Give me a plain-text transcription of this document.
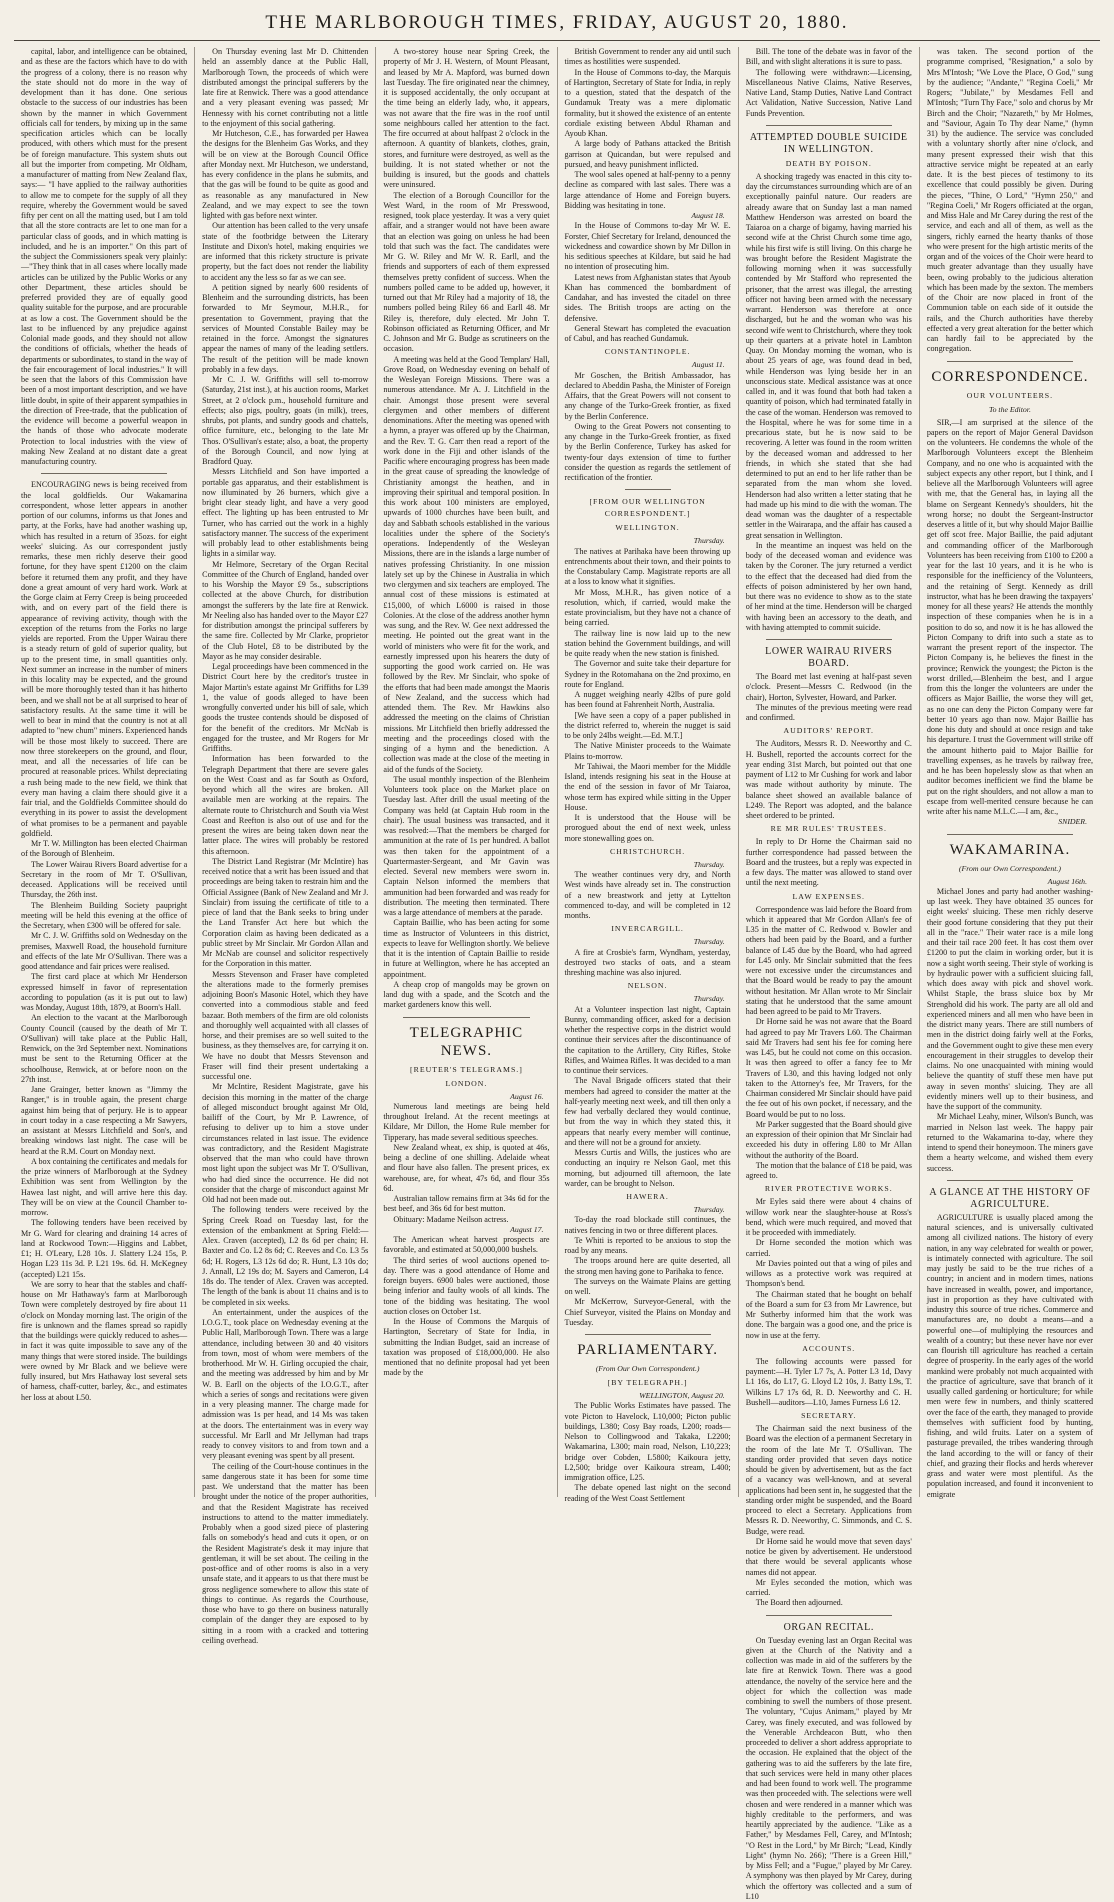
THE MARLBOROUGH TIMES, FRIDAY, AUGUST 20, 1880.

capital, labor, and intelligence can be obtained, and as these are the factors which have to do with the progress of a colony, there is no reason why the state should not do more in the way of development than it has done. One serious obstacle to the success of our industries has been shown by the manner in which Government officials call for tenders, by mixing up in the same specification articles which can be locally produced, with others which must for the present be of foreign manufacture. This system shuts out all but the importer from competing. Mr Oldham, a manufacturer of matting from New Zealand flax, says:— "I have applied to the railway authorities to allow me to compete for the supply of all they require, whereby the Government would be saved fifty per cent on all the matting used, but I am told that all the store contracts are let to one man for a particular class of goods, and in which matting is included, and he is an importer." On this part of the subject the Commissioners speak very plainly:—"They think that in all cases where locally made articles can be utilized by the Public Works or any other Department, these articles should be preferred provided they are of equally good quality suitable for the purpose, and are procurable at as low a cost. The Government should be the last to be influenced by any prejudice against Colonial made goods, and they should not allow the conditions of officials, whether the heads of departments or subordinates, to stand in the way of the fair encouragement of local industries." It will be seen that the labors of this Commission have been of a most important description, and we have little doubt, in spite of their apparent sympathies in the direction of Free-trade, that the publication of the evidence will become a powerful weapon in the hands of those who advocate moderate Protection to local industries with the view of making New Zealand at no distant date a great manufacturing country.

ENCOURAGING news is being received from the local goldfields. Our Wakamarina correspondent, whose letter appears in another portion of our columns, informs us that Jones and party, at the Forks, have had another washing up, which has resulted in a return of 35ozs. for eight weeks' sluicing. As our correspondent justly remarks, these men richly deserve their good fortune, for they have spent £1200 on the claim before it returned them any profit, and they have done a great amount of very hard work. Work at the Gorge claim at Ferry Creep is being proceeded with, and on every part of the field there is appearance of reviving activity, though with the exception of the returns from the Forks no large yields are reported. From the Upper Wairau there is a steady return of gold of superior quality, but up to the present time, in small quantities only. Next summer an increase in the number of miners in this locality may be expected, and the ground will be more thoroughly tested than it has hitherto been, and we shall not be at all surprised to hear of satisfactory results. At the same time it will be well to bear in mind that the country is not at all adapted to "new chum" miners. Experienced hands will be those most likely to succeed. There are now three storekeepers on the ground, and flour, meat, and all the necessaries of life can be procured at reasonable prices. Whilst depreciating a rush being made to the new field, we think that every man having a claim there should give it a fair trial, and the Goldfields Committee should do everything in its power to assist the development of what promises to be a permanent and payable goldfield.

Mr T. W. Millington has been elected Chairman of the Borough of Blenheim.

The Lower Wairau Rivers Board advertise for a Secretary in the room of Mr T. O'Sullivan, deceased. Applications will be received until Thursday, the 26th inst.

The Blenheim Building Society paupright meeting will be held this evening at the office of the Secretary, when £300 will be offered for sale.

Mr C. J. W. Griffiths sold on Wednesday on the premises, Maxwell Road, the household furniture and effects of the late Mr O'Sullivan. There was a good attendance and fair prices were realised.

The first card place at which Mr Henderson expressed himself in favor of representation according to population (as it is put out to law) was Monday, August 18th, 1879, at Boorn's Hall.

An election to the vacant at the Marlborough County Council (caused by the death of Mr T. O'Sullivan) will take place at the Public Hall, Renwick, on the 3rd September next. Nominations must be sent to the Returning Officer at the schoolhouse, Renwick, at or before noon on the 27th inst.

Jane Grainger, better known as "Jimmy the Ranger," is in trouble again, the present charge against him being that of perjury. He is to appear in court today in a case respecting a Mr Sawyers, an assistant at Messrs Litchfield and Son's, and breaking windows last night. The case will be heard at the R.M. Court on Monday next.

A box containing the certificates and medals for the prize winners of Marlborough at the Sydney Exhibition was sent from Wellington by the Hawea last night, and will arrive here this day. They will be on view at the Council Chamber to-morrow.

The following tenders have been received by Mr G. Ward for clearing and draining 14 acres of land at Rockwood Town:—Higgins and Labbet, £1; H. O'Leary, L28 10s. J. Slattery L24 15s, P. Hogan L23 11s 3d. P. L21 19s. 6d. H. McKegney (accepted) L21 15s.

We are sorry to hear that the stables and chaff-house on Mr Hathaway's farm at Marlborough Town were completely destroyed by fire about 11 o'clock on Monday morning last. The origin of the fire is unknown and the flames spread so rapidly that the buildings were quickly reduced to ashes—in fact it was quite impossible to save any of the many things that were stored inside. The buildings were owned by Mr Black and we believe were fully insured, but Mrs Hathaway lost several sets of harness, chaff-cutter, barley, &c., and estimates her loss at about L50.

On Thursday evening last Mr D. Chittenden held an assembly dance at the Public Hall, Marlborough Town, the proceeds of which were distributed amongst the principal sufferers by the late fire at Renwick. There was a good attendance and a very pleasant evening was passed; Mr Hennessy with his cornet contributing not a little to the enjoyment of this social gathering.

Mr Hutcheson, C.E., has forwarded per Hawea the designs for the Blenheim Gas Works, and they will be on view at the Borough Council Office after Monday next. Mr Hutcheson, we understand, has every confidence in the plans he submits, and that the gas will be found to be quite as good and as reasonable as any manufactured in New Zealand, and we may expect to see the town lighted with gas before next winter.

Our attention has been called to the very unsafe state of the footbridge between the Literary Institute and Dixon's hotel, making enquiries we are informed that this rickety structure is private property, but the fact does not render the liability to accident any the less so far as we can see.

A petition signed by nearly 600 residents of Blenheim and the surrounding districts, has been forwarded to Mr Seymour, M.H.R., for presentation to Government, praying that the services of Mounted Constable Bailey may be retained in the force. Amongst the signatures appear the names of many of the leading settlers. The result of the petition will be made known probably in a few days.

Mr C. J. W. Griffiths will sell to-morrow (Saturday, 21st inst.), at his auction rooms, Market Street, at 2 o'clock p.m., household furniture and effects; also pigs, poultry, goats (in milk), trees, shrubs, pot plants, and sundry goods and chattels, office furniture, etc., belonging to the late Mr Thos. O'Sullivan's estate; also, a boat, the property of the Borough Council, and now lying at Bradford Quay.

Messrs Litchfield and Son have imported a portable gas apparatus, and their establishment is now illuminated by 26 burners, which give a bright clear steady light, and have a very good effect. The lighting up has been entrusted to Mr Turner, who has carried out the work in a highly satisfactory manner. The success of the experiment will probably lead to other establishments being lights in a similar way.

Mr Helmore, Secretary of the Organ Recital Committee of the Church of England, handed over to his Worship the Mayor £9 5s., subscriptions collected at the above Church, for distribution amongst the sufferers by the late fire at Renwick. Mr Neeling also has handed over to the Mayor £27 for distribution amongst the principal sufferers by the same fire. Collected by Mr Clarke, proprietor of the Club Hotel, £8 to be distributed by the Mayor as he may consider desirable.

Legal proceedings have been commenced in the District Court here by the creditor's trustee in Major Martin's estate against Mr Griffiths for L39 1, the value of goods alleged to have been wrongfully converted under his bill of sale, which goods the trustee contends should be disposed of for the benefit of the creditors. Mr McNab is engaged for the trustee, and Mr Rogers for Mr Griffiths.

Information has been forwarded to the Telegraph Department that there are severe gales on the West Coast and as far South as Oxford, beyond which all the wires are broken. All available men are working at the repairs. The alternate route to Christchurch and South via West Coast and Reefton is also out of use and for the present the wires are being taken down near the latter place. The wires will probably be restored this afternoon.

The District Land Registrar (Mr McIntire) has received notice that a writ has been issued and that proceedings are being taken to restrain him and the Official Assignee (Bank of New Zealand and Mr J. Sinclair) from issuing the certificate of title to a piece of land that the Bank seeks to bring under the Land Transfer Act here but which the Corporation claim as having been dedicated as a public street by Mr Sinclair. Mr Gordon Allan and Mr McNab are counsel and solicitor respectively for the Corporation in this matter.

Messrs Stevenson and Fraser have completed the alterations made to the formerly premises adjoining Boon's Masonic Hotel, which they have converted into a commodious stable and feed bazaar. Both members of the firm are old colonists and thoroughly well acquainted with all classes of horse, and their premises are so well suited to the business, as they themselves are, for carrying it on. We have no doubt that Messrs Stevenson and Fraser will find their present undertaking a successful one.

Mr McIntire, Resident Magistrate, gave his decision this morning in the matter of the charge of alleged misconduct brought against Mr Old, bailiff of the Court, by Mr P. Lawrence, of refusing to deliver up to him a stove under circumstances related in last issue. The evidence was contradictory, and the Resident Magistrate observed that the man who could have thrown most light upon the subject was Mr T. O'Sullivan, who had died since the occurrence. He did not consider that the charge of misconduct against Mr Old had not been made out.

The following tenders were received by the Spring Creek Road on Tuesday last, for the extension of the embankment at Spring Field:—Alex. Craven (accepted), L2 8s 6d per chain; H. Baxter and Co. L2 8s 6d; C. Reeves and Co. L3 5s 6d; H. Rogers, L3 12s 6d do; R. Hunt, L3 10s do; J. Annall, L2 19s do; M. Sayers and Cameron, L4 18s do. The tender of Alex. Craven was accepted. The length of the bank is about 11 chains and is to be completed in six weeks.

An entertainment, under the auspices of the I.O.G.T., took place on Wednesday evening at the Public Hall, Marlborough Town. There was a large attendance, including between 30 and 40 visitors from town, most of whom were members of the brotherhood. Mr W. H. Girling occupied the chair, and the meeting was addressed by him and by Mr W. B. Earll on the objects of the I.O.G.T., after which a series of songs and recitations were given in a very pleasing manner. The charge made for admission was 1s per head, and 14 Ms was taken at the doors. The entertainment was in every way successful. Mr Earll and Mr Jellyman had traps ready to convey visitors to and from town and a very pleasant evening was spent by all present.

The ceiling of the Court-house continues in the same dangerous state it has been for some time past. We understand that the matter has been brought under the notice of the proper authorities, and that the Resident Magistrate has received instructions to attend to the matter immediately. Probably when a good sized piece of plastering falls on somebody's head and cuts it open, or on the Resident Magistrate's desk it may injure that gentleman, it will be set about. The ceiling in the post-office and of other rooms is also in a very unsafe state, and it appears to us that there must be gross negligence somewhere to allow this state of things to continue. As regards the Courthouse, those who have to go there on business naturally complain of the danger they are exposed to by sitting in a room with a cracked and tottering ceiling overhead.

A two-storey house near Spring Creek, the property of Mr J. H. Western, of Mount Pleasant, and leased by Mr A. Mapford, was burned down last Tuesday. The fire originated near the chimney, it is supposed accidentally, the only occupant at the time being an elderly lady, who, it appears, was not aware that the fire was in the roof until some neighbours called her attention to the fact. The fire occurred at about halfpast 2 o'clock in the afternoon. A quantity of blankets, clothes, grain, stores, and furniture were destroyed, as well as the building. It is not stated whether or not the building is insured, but the goods and chattels were uninsured.

The election of a Borough Councillor for the West Ward, in the room of Mr Presswood, resigned, took place yesterday. It was a very quiet affair, and a stranger would not have been aware that an election was going on unless he had been told that such was the fact. The candidates were Mr G. W. Riley and Mr W. R. Earll, and the friends and supporters of each of them expressed themselves pretty confident of success. When the numbers polled came to be added up, however, it turned out that Mr Riley had a majority of 18, the numbers polled being Riley 66 and Earll 48. Mr Riley is, therefore, duly elected. Mr John T. Robinson officiated as Returning Officer, and Mr C. Johnson and Mr G. Budge as scrutineers on the occasion.

A meeting was held at the Good Templars' Hall, Grove Road, on Wednesday evening on behalf of the Wesleyan Foreign Missions. There was a numerous attendance. Mr A. J. Litchfield in the chair. Amongst those present were several clergymen and other members of different denominations. After the meeting was opened with a hymn, a prayer was offered up by the Chairman, and the Rev. T. G. Carr then read a report of the work done in the Fiji and other islands of the Pacific where encouraging progress has been made in the great cause of spreading the knowledge of Christianity amongst the heathen, and in improving their spiritual and temporal position. In this work about 100 ministers are employed, upwards of 1000 churches have been built, and day and Sabbath schools established in the various localities under the sphere of the Society's operations. Independently of the Wesleyan Missions, there are in the islands a large number of natives professing Christianity. In one mission lately set up by the Chinese in Australia in which two clergymen and six teachers are employed. The annual cost of these missions is estimated at £15,000, of which L6000 is raised in those Colonies. At the close of the address another hymn was sung, and the Rev. W. Gee next addressed the meeting. He pointed out the great want in the world of ministers who were fit for the work, and earnestly impressed upon his hearers the duty of supporting the good work carried on. He was followed by the Rev. Mr Sinclair, who spoke of the efforts that had been made amongst the Maoris of New Zealand, and the success which had attended them. The Rev. Mr Hawkins also addressed the meeting on the claims of Christian missions. Mr Litchfield then briefly addressed the meeting and the proceedings closed with the singing of a hymn and the benediction. A collection was made at the close of the meeting in aid of the funds of the Society.

The usual monthly inspection of the Blenheim Volunteers took place on the Market place on Tuesday last. After drill the usual meeting of the Company was held (at Captain Hub room in the chair). The usual business was transacted, and it was resolved:—That the members be charged for ammunition at the rate of 1s per hundred. A ballot was then taken for the appointment of a Quartermaster-Sergeant, and Mr Gavin was elected. Several new members were sworn in. Captain Nelson informed the members that ammunition had been forwarded and was ready for distribution. The meeting then terminated. There was a large attendance of members at the parade.

Captain Baillie, who has been acting for some time as Instructor of Volunteers in this district, expects to leave for Wellington shortly. We believe that it is the intention of Captain Baillie to reside in future at Wellington, where he has accepted an appointment.

A cheap crop of mangolds may be grown on land dug with a spade, and the Scotch and the market gardeners know this well.

TELEGRAPHIC NEWS.
[REUTER'S TELEGRAMS.]
LONDON.
August 16.

Numerous land meetings are being held throughout Ireland. At the recent meetings at Kildare, Mr Dillon, the Home Rule member for Tipperary, has made several seditious speeches.

New Zealand wheat, ex ship, is quoted at 46s, being a decline of one shilling. Adelaide wheat and flour have also fallen. The present prices, ex warehouse, are, for wheat, 47s 6d, and flour 35s 6d.

Australian tallow remains firm at 34s 6d for the best beef, and 36s 6d for best mutton.

Obituary: Madame Neilson actress.

August 17.

The American wheat harvest prospects are favorable, and estimated at 50,000,000 bushels.

The third series of wool auctions opened to-day. There was a good attendance of Home and foreign buyers. 6900 bales were auctioned, those being inferior and faulty wools of all kinds. The tone of the bidding was hesitating. The wool auction closes on October 1st.

In the House of Commons the Marquis of Hartington, Secretary of State for India, in submitting the Indian Budget, said an increase of taxation was proposed of £18,000,000. He also mentioned that no definite proposal had yet been made by the

British Government to render any aid until such times as hostilities were suspended.

In the House of Commons to-day, the Marquis of Hartington, Secretary of State for India, in reply to a question, stated that the despatch of the Gundamuk Treaty was a mere diplomatic formality, but it showed the existence of an entente cordiale existing between Abdul Rhaman and Ayoub Khan.

A large body of Pathans attacked the British garrison at Quicandan, but were repulsed and pursued, and heavy punishment inflicted.

The wool sales opened at half-penny to a penny decline as compared with last sales. There was a large attendance of Home and Foreign buyers. Bidding was hesitating in tone.

August 18.

In the House of Commons to-day Mr W. E. Forster, Chief Secretary for Ireland, denounced the wickedness and cowardice shown by Mr Dillon in his seditious speeches at Kildare, but said he had no intention of prosecuting him.

Latest news from Afghanistan states that Ayoub Khan has commenced the bombardment of Candahar, and has invested the citadel on three sides. The British troops are acting on the defensive.

General Stewart has completed the evacuation of Cabul, and has reached Gundamuk.

CONSTANTINOPLE.
August 11.

Mr Goschen, the British Ambassador, has declared to Abeddin Pasha, the Minister of Foreign Affairs, that the Great Powers will not consent to any change of the Turko-Greek frontier, as fixed by the Berlin Conference.

Owing to the Great Powers not consenting to any change in the Turko-Greek frontier, as fixed by the Berlin Conference, Turkey has asked for twenty-four days extension of time to further consider the question as regards the settlement of rectification of the frontier.

[FROM OUR WELLINGTON CORRESPONDENT.]
WELLINGTON.
Thursday.

The natives at Parihaka have been throwing up entrenchments about their town, and their points to the Constabulary Camp. Magistrate reports are all at a loss to know what it signifies.

Mr Moss, M.H.R., has given notice of a resolution, which, if carried, would make the estate provincialism, but they have not a chance of being carried.

The railway line is now laid up to the new station behind the Government buildings, and will be quite ready when the new station is finished.

The Governor and suite take their departure for Sydney in the Rotomahana on the 2nd proximo, en route for England.

A nugget weighing nearly 42lbs of pure gold has been found at Fahrenheit North, Australia.

[We have seen a copy of a paper published in the district referred to, wherein the nugget is said to be only 24lbs weight.—Ed. M.T.]

The Native Minister proceeds to the Waimate Plains to-morrow.

Mr Tahiwai, the Maori member for the Middle Island, intends resigning his seat in the House at the end of the session in favor of Mr Taiaroa, whose term has expired while sitting in the Upper House.

It is understood that the House will be prorogued about the end of next week, unless more stonewalling goes on.

CHRISTCHURCH.
Thursday.

The weather continues very dry, and North West winds have already set in. The construction of a new breastwork and jetty at Lyttelton commenced to-day, and will be completed in 12 months.

INVERCARGILL.
Thursday.

A fire at Crosbie's farm, Wyndham, yesterday, destroyed two stacks of oats, and a steam threshing machine was also injured.

NELSON.
Thursday.

At a Volunteer inspection last night, Captain Bunny, commanding officer, asked for a decision whether the respective corps in the district would continue their services after the discontinuance of the capitation to the Artillery, City Rifles, Stoke Rifles, and Waimea Rifles. It was decided to a man to continue their services.

The Naval Brigade officers stated that their members had agreed to consider the matter at the half-yearly meeting next week, and till then only a few had verbally declared they would continue, but from the way in which they stated this, it appears that nearly every member will continue, and there will not be a ground for anxiety.

Messrs Curtis and Wills, the justices who are conducting an inquiry re Nelson Gaol, met this morning, but adjourned till afternoon, the late warder, can be brought to Nelson.

HAWERA.
Thursday.

To-day the road blockade still continues, the natives fencing in two or three different places.

Te Whiti is reported to be anxious to stop the road by any means.

The troops around here are quite deserted, all the strong men having gone to Parihaka to fence.

The surveys on the Waimate Plains are getting on well.

Mr McKerrow, Surveyor-General, with the Chief Surveyor, visited the Plains on Monday and Tuesday.

PARLIAMENTARY.
(From Our Own Correspondent.)
[BY TELEGRAPH.]
WELLINGTON, August 20.

The Public Works Estimates have passed. The vote Picton to Havelock, L10,000; Picton public buildings, L380; Cosy Bay roads, L200; roads—Nelson to Collingwood and Takaka, L2200; Wakamarina, L300; main road, Nelson, L10,223; bridge over Cobden, L5800; Kaikoura jetty, L2,500; bridge over Kaikoura stream, L400; immigration office, L25.

The debate opened last night on the second reading of the West Coast Settlement

Bill. The tone of the debate was in favor of the Bill, and with slight alterations it is sure to pass.

The following were withdrawn:—Licensing, Miscellaneous Native Claims, Native Reserves, Native Land, Stamp Duties, Native Land Contract Act Validation, Native Succession, Native Land Funds Prevention.

ATTEMPTED DOUBLE SUICIDE IN WELLINGTON.
DEATH BY POISON.

A shocking tragedy was enacted in this city to-day the circumstances surrounding which are of an exceptionally painful nature. Our readers are already aware that on Sunday last a man named Matthew Henderson was arrested on board the Taiaroa on a charge of bigamy, having married his second wife at the Christ Church some time ago, while his first wife is still living. On this charge he was brought before the Resident Magistrate the following morning when it was successfully contended by Mr Stafford who represented the prisoner, that the arrest was illegal, the arresting officer not having been armed with the necessary warrant. Henderson was therefore at once discharged, but he and the woman who was his second wife went to Christchurch, where they took up their quarters at a private hotel in Lambton Quay. On Monday morning the woman, who is about 25 years of age, was found dead in bed, while Henderson was lying beside her in an unconscious state. Medical assistance was at once called in, and it was found that both had taken a quantity of poison, which had terminated fatally in the case of the woman. Henderson was removed to the Hospital, where he was for some time in a precarious state, but he is now said to be recovering. A letter was found in the room written by the deceased woman and addressed to her friends, in which she stated that she had determined to put an end to her life rather than be separated from the man whom she loved. Henderson had also written a letter stating that he had made up his mind to die with the woman. The dead woman was the daughter of a respectable settler in the Wairarapa, and the affair has caused a great sensation in Wellington.

In the meantime an inquest was held on the body of the deceased woman and evidence was taken by the Coroner. The jury returned a verdict to the effect that the deceased had died from the effects of poison administered by her own hand, but there was no evidence to show as to the state of her mind at the time. Henderson will be charged with having been an accessory to the death, and with having attempted to commit suicide.

LOWER WAIRAU RIVERS BOARD.

The Board met last evening at half-past seven o'clock. Present—Messrs C. Redwood (in the chair), Horton, Sylvester, Howard, and Parker.

The minutes of the previous meeting were read and confirmed.

AUDITORS' REPORT.

The Auditors, Messrs R. D. Neeworthy and C. H. Bushell, reported the accounts correct for the year ending 31st March, but pointed out that one payment of L12 to Mr Cushing for work and labor was made without authority by minute. The balance sheet showed an available balance of L249. The Report was adopted, and the balance sheet ordered to be printed.

RE MR RULES' TRUSTEES.

In reply to Dr Horne the Chairman said no further correspondence had passed between the Board and the trustees, but a reply was expected in a few days. The matter was allowed to stand over until the next meeting.

LAW EXPENSES.

Correspondence was laid before the Board from which it appeared that Mr Gordon Allan's fee of L35 in the matter of C. Redwood v. Bowler and others had been paid by the Board, and a further balance of L45 due by the Board, who had agreed for L45 only. Mr Sinclair submitted that the fees were not excessive under the circumstances and that the Board would be ready to pay the amount without hesitation. Mr Allan wrote to Mr Sinclair stating that he understood that the same amount had been agreed to be paid to Mr Travers.

Dr Horne said he was not aware that the Board had agreed to pay Mr Travers L60. The Chairman said Mr Travers had sent his fee for coming here was L45, but he could not come on this occasion. It was then agreed to offer a fancy fee to Mr Travers of L30, and this having lodged not only taken to the Attorney's fee, Mr Travers, for the Chairman considered Mr Sinclair should have paid the fee out of his own pocket, if necessary, and the Board would be put to no loss.

Mr Parker suggested that the Board should give an expression of their opinion that Mr Sinclair had exceeded his duty in offering L80 to Mr Allan without the authority of the Board.

The motion that the balance of £18 be paid, was agreed to.

RIVER PROTECTIVE WORKS.

Mr Eyles said there were about 4 chains of willow work near the slaughter-house at Ross's bend, which were much required, and moved that it be proceeded with immediately.

Dr Horne seconded the motion which was carried.

Mr Davies pointed out that a wing of piles and willows as a protective work was required at Thompson's bend.

The Chairman stated that he bought on behalf of the Board a sum for £3 from Mr Lawrence, but Mr Sutherby informed him that the work was done. The bargain was a good one, and the price is now in use at the ferry.

ACCOUNTS.

The following accounts were passed for payment:—H. Tyler L7 7s, A. Potter L3 1d, Davy L1 16s, do L17, G. Lloyd L2 10s, J. Batty L9s, T. Wilkins L7 17s 6d, R. D. Neeworthy and C. H. Bushell—auditors—L10, James Furness L6 12.

SECRETARY.

The Chairman said the next business of the Board was the election of a permanent Secretary in the room of the late Mr T. O'Sullivan. The standing order provided that seven days notice should be given by advertisement, but as the fact of a vacancy was well-known, and at several applications had been sent in, he suggested that the standing order might be suspended, and the Board proceed to elect a Secretary. Applications from Messrs R. D. Neeworthy, C. Simmonds, and C. S. Budge, were read.

Dr Horne said he would move that seven days' notice be given by advertisement. He understood that there would be several applicants whose names did not appear.

Mr Eyles seconded the motion, which was carried.

The Board then adjourned.

ORGAN RECITAL.

On Tuesday evening last an Organ Recital was given at the Church of the Nativity and a collection was made in aid of the sufferers by the late fire at Renwick Town. There was a good attendance, the novelty of the service here and the object for which the collection was made combining to swell the numbers of those present. The voluntary, "Cujus Animam," played by Mr Carey, was finely executed, and was followed by the Venerable Archdeacon Butt, who then proceeded to deliver a short address appropriate to the occasion. He explained that the object of the gathering was to aid the sufferers by the late fire, that such services were held in many other places and had been found to work well. The programme was then proceeded with. The selections were well chosen and were rendered in a manner which was highly creditable to the performers, and was heartily appreciated by the audience. "Like as a Father," by Mesdames Fell, Carey, and M'Intosh; "O Rest in the Lord," by Mr Birch; "Lead, Kindly Light" (hymn No. 266); "There is a Green Hill," by Miss Fell; and a "Fugue," played by Mr Carey. A symphony was then played by Mr Carey, during which the offertory was collected and a sum of L10

was taken. The second portion of the programme comprised, "Resignation," a solo by Mrs M'Intosh; "We Love the Place, O God," sung by the audience; "Andante," "Regina Coeli," Mr Rogers; "Jubilate," by Mesdames Fell and M'Intosh; "Turn Thy Face," solo and chorus by Mr Birch and the Choir; "Nazareth," by Mr Holmes, and "Saviour, Again To Thy dear Name," (hymn 31) by the audience. The service was concluded with a voluntary shortly after nine o'clock, and many present expressed their wish that this attractive service might be repeated at an early date. It is the best pieces of testimony to its excellence that could possibly be given. During the pieces, "Thine, O Lord," "Hymn 250," and "Regina Coeli," Mr Rogers officiated at the organ, and Miss Hale and Mr Carey during the rest of the service, and each and all of them, as well as the singers, richly earned the hearty thanks of those who were present for the high artistic merits of the organ and of the voices of the Choir were heard to much greater advantage than they usually have been, owing probably to the judicious alteration which has been made by the sexton. The members of the Choir are now placed in front of the Communion table on each side of it outside the rails, and the Church authorities have thereby effected a very great alteration for the better which can hardly fail to be appreciated by the congregation.

CORRESPONDENCE.
OUR VOLUNTEERS.
To the Editor.

SIR,—I am surprised at the silence of the papers on the report of Major General Davidson on the volunteers. He condemns the whole of the Marlborough Volunteers except the Blenheim Company, and no one who is acquainted with the subject expects any other report, but I think, and I believe all the Marlborough Volunteers will agree with me, that the General has, in laying all the blame on Sergeant Kennedy's shoulders, hit the wrong horse; no doubt the Sergeant-Instructor deserves a little of it, but why should Major Baillie get off scot free. Major Baillie, the paid adjutant and commanding officer of the Marlborough Volunteers has been receiving from £100 to £200 a year for the last 10 years, and it is he who is responsible for the inefficiency of the Volunteers, and the retaining of Sergt. Kennedy as drill instructor, what has he been drawing the taxpayers' money for all these years? He attends the monthly inspection of these companies when he is in a position to do so, and now it is he has allowed the Picton Company to drift into such a state as to warrant the present report of the inspector. The Picton Company is, he believes the finest in the province; Renwick the youngest; the Picton is the worst drilled,—Blenheim the best, and I argue from this the longer the volunteers are under the officers as Major Baillie, the worse they will get, as no one can deny the Picton Company were far better 10 years ago than now. Major Baillie has done his duty and should at once resign and take his departure. I trust the Government will strike off the amount hitherto paid to Major Baillie for travelling expenses, as he travels by railway free, and he has been hopelessly slow as that when an auditor becomes inefficient we find the blame be put on the right shoulders, and not allow a man to escape from well-merited censure because he can write after his name M.L.C.—I am, &c.,

SNIDER.
WAKAMARINA.
(From our Own Correspondent.)
August 16th.

Michael Jones and party had another washing-up last week. They have obtained 35 ounces for eight weeks' sluicing. These men richly deserve their good fortune considering that they put their all in the "race." Their water race is a mile long and their tail race 200 feet. It has cost them over £1200 to put the claim in working order, but it is now a sight worth seeing. Their style of working is by hydraulic power with a sufficient sluicing fall, which does away with pick and shovel work. Whilst Staple, the brass sluice box by Mr Strenghold did his work. The party are all old and experienced miners and all men who have been in the district many years. There are still numbers of men in the district doing fairly well at the Forks, and the Government ought to give these men every encouragement in their struggles to develop their claims. No one unacquainted with mining would believe the quantity of stuff these men have put away in seven months' sluicing. They are all evidently miners well up to their business, and have the support of the community.

Mr Michael Leahy, miner, Wilson's Bunch, was married in Nelson last week. The happy pair returned to the Wakamarina to-day, where they intend to spend their honeymoon. The miners gave them a hearty welcome, and wished them every success.

A GLANCE AT THE HISTORY OF AGRICULTURE.

AGRICULTURE is usually placed among the natural sciences, and is universally cultivated among all civilized nations. The history of every nation, in any way celebrated for wealth or power, is intimately connected with agriculture. The soil may justly be said to be the true riches of a country; in ancient and in modern times, nations have increased in wealth, power, and importance, just in proportion as they have cultivated with industry this source of true riches. Commerce and manufactures are, no doubt a means—and a powerful one—of multiplying the resources and wealth of a country; but these never have nor ever can flourish till agriculture has reached a certain degree of prosperity. In the early ages of the world mankind were probably not much acquainted with the practice of agriculture, save that branch of it usually called gardening or horticulture; for while men were few in numbers, and thinly scattered over the face of the earth, they managed to provide themselves with sufficient food by hunting, fishing, and wild fruits. Later on a system of pasturage prevailed, the tribes wandering through the land according to the will or fancy of their chief, and grazing their flocks and herds wherever grass and water were most plentiful. As the population increased, and found it inconvenient to emigrate
